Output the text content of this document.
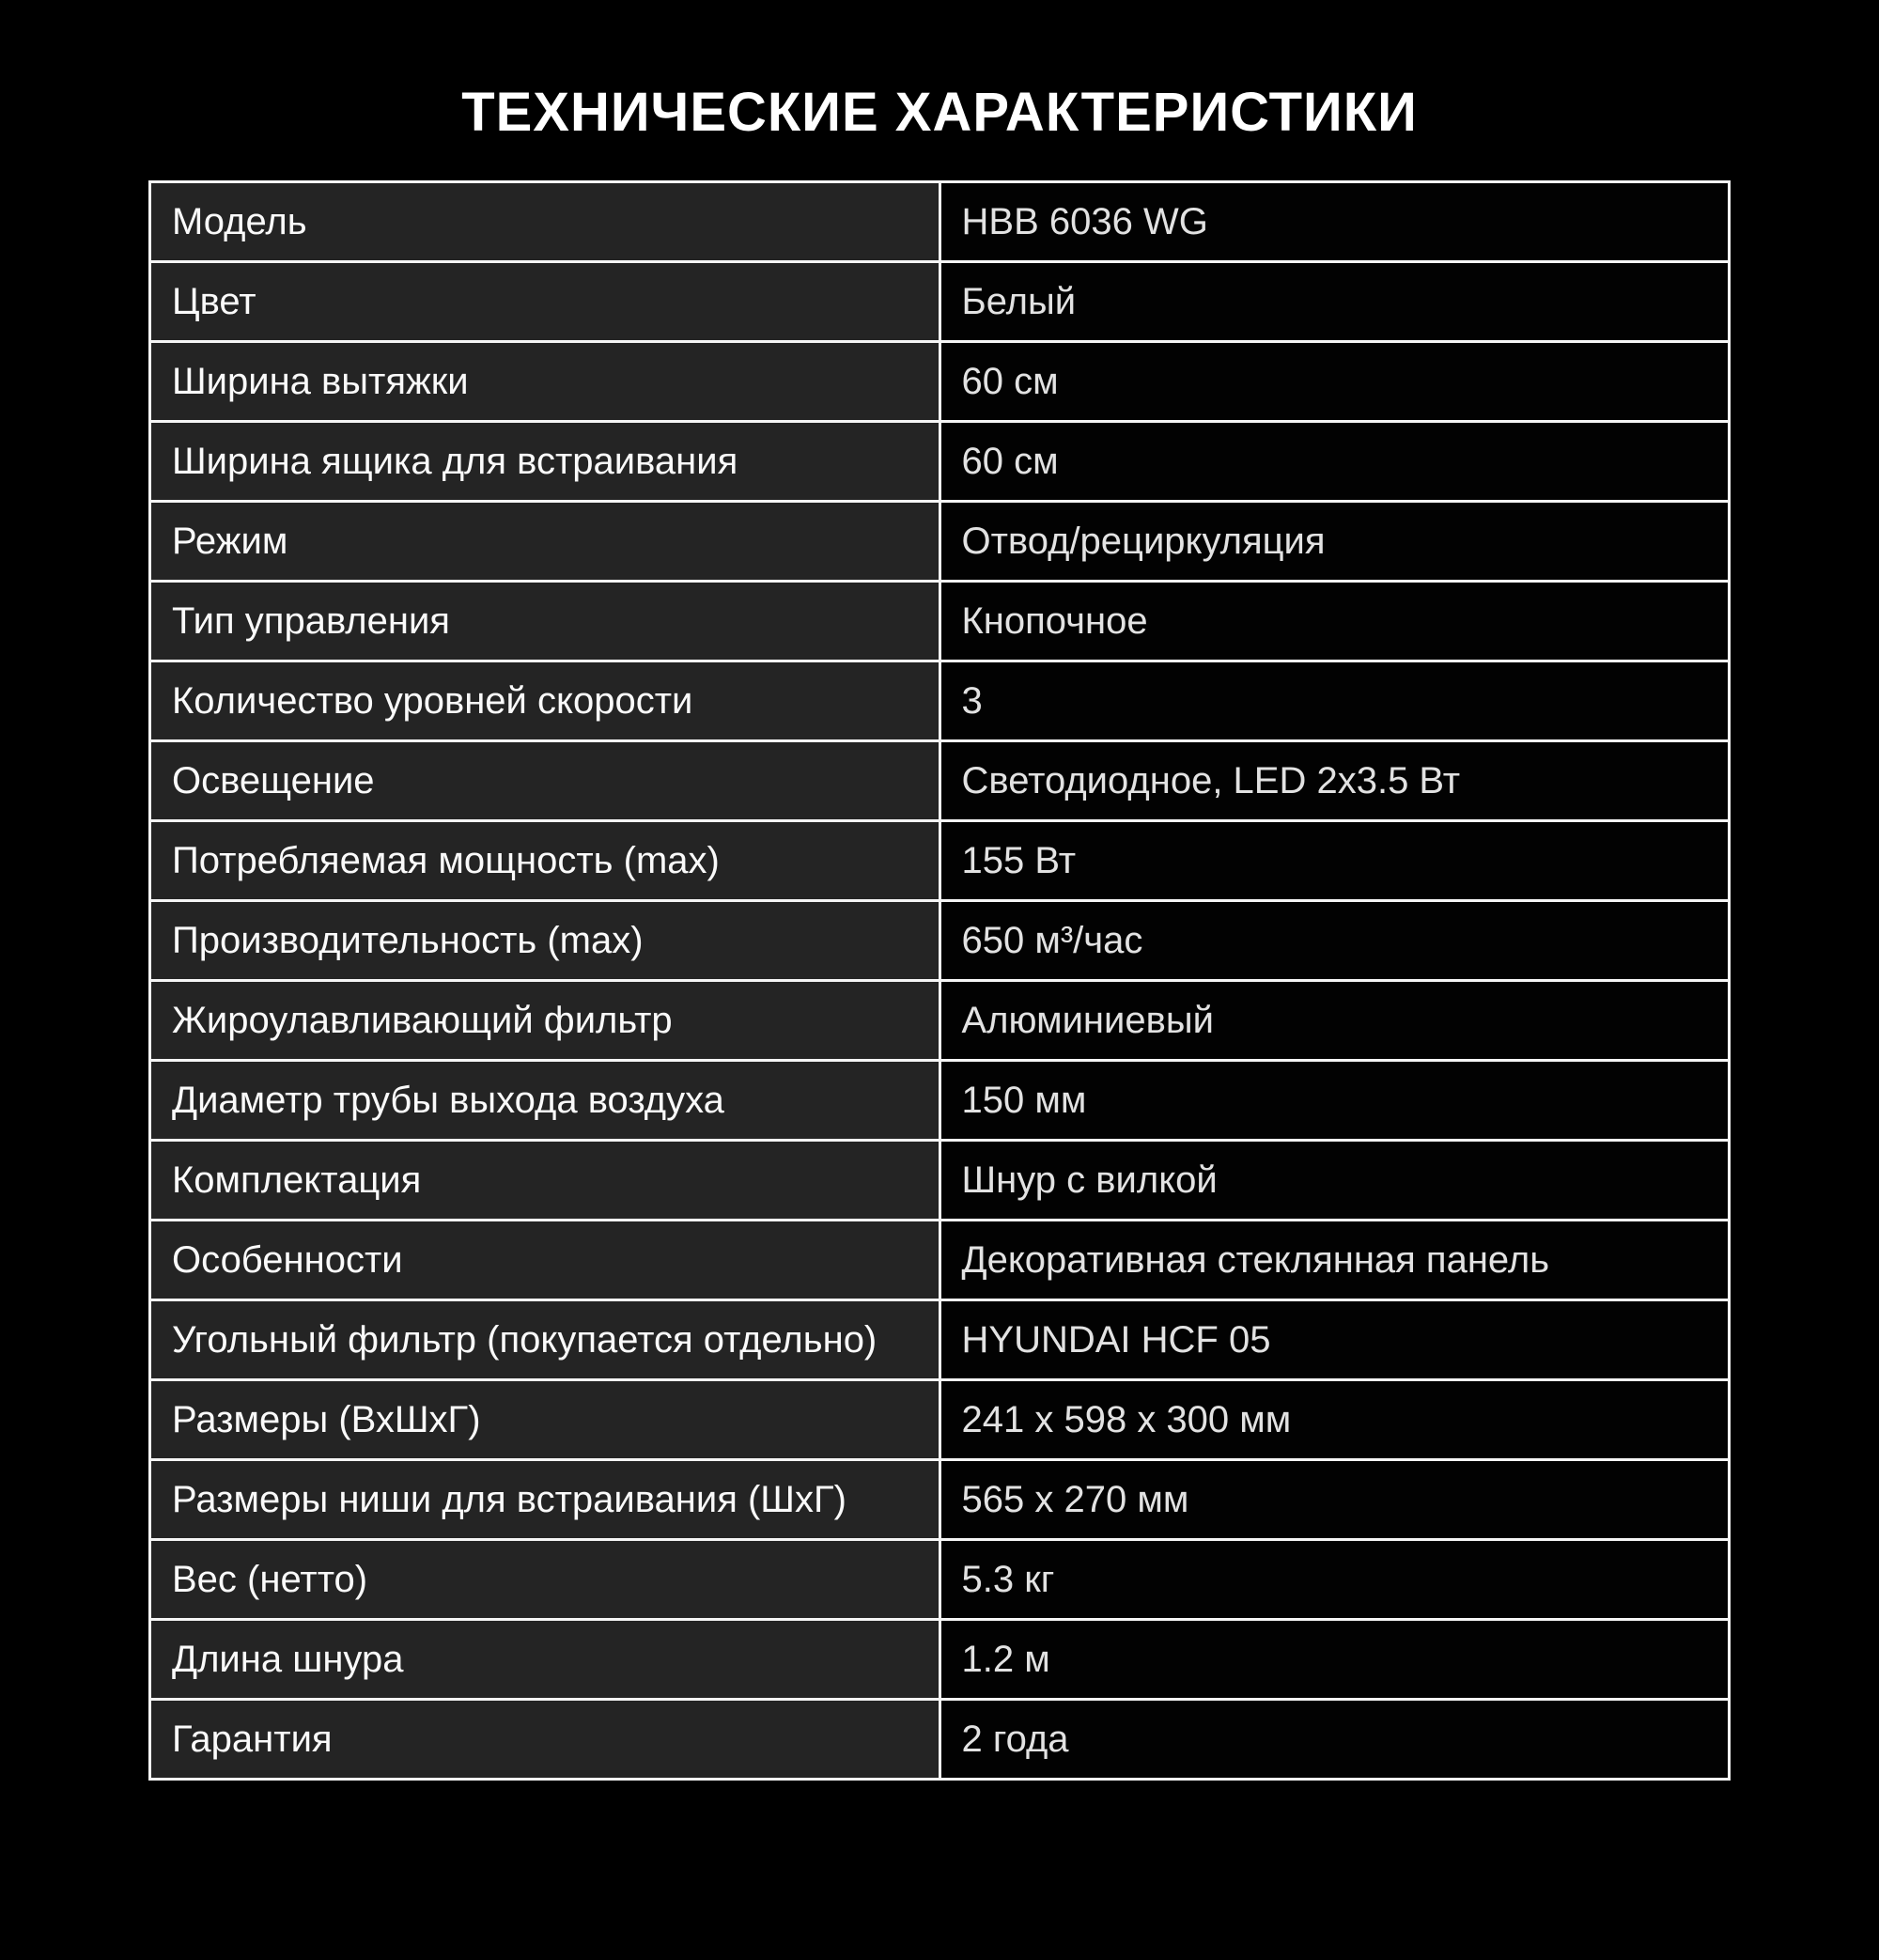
ТЕХНИЧЕСКИЕ ХАРАКТЕРИСТИКИ
Модель	HBB 6036 WG
Цвет	Белый
Ширина вытяжки	60 см
Ширина ящика для встраивания	60 см
Режим	Отвод/рециркуляция
Тип управления	Кнопочное
Количество уровней скорости	3
Освещение	Светодиодное, LED 2х3.5 Вт
Потребляемая мощность (max)	155 Вт
Производительность (max)	650 м³/час
Жироулавливающий фильтр	Алюминиевый
Диаметр трубы выхода воздуха	150 мм
Комплектация	Шнур с вилкой
Особенности	Декоративная стеклянная панель
Угольный фильтр (покупается отдельно)	HYUNDAI HCF 05
Размеры (ВхШхГ)	241 х 598 х 300 мм
Размеры ниши для встраивания (ШхГ)	565 х 270 мм
Вес (нетто)	5.3 кг
Длина шнура	1.2 м
Гарантия	2 года
